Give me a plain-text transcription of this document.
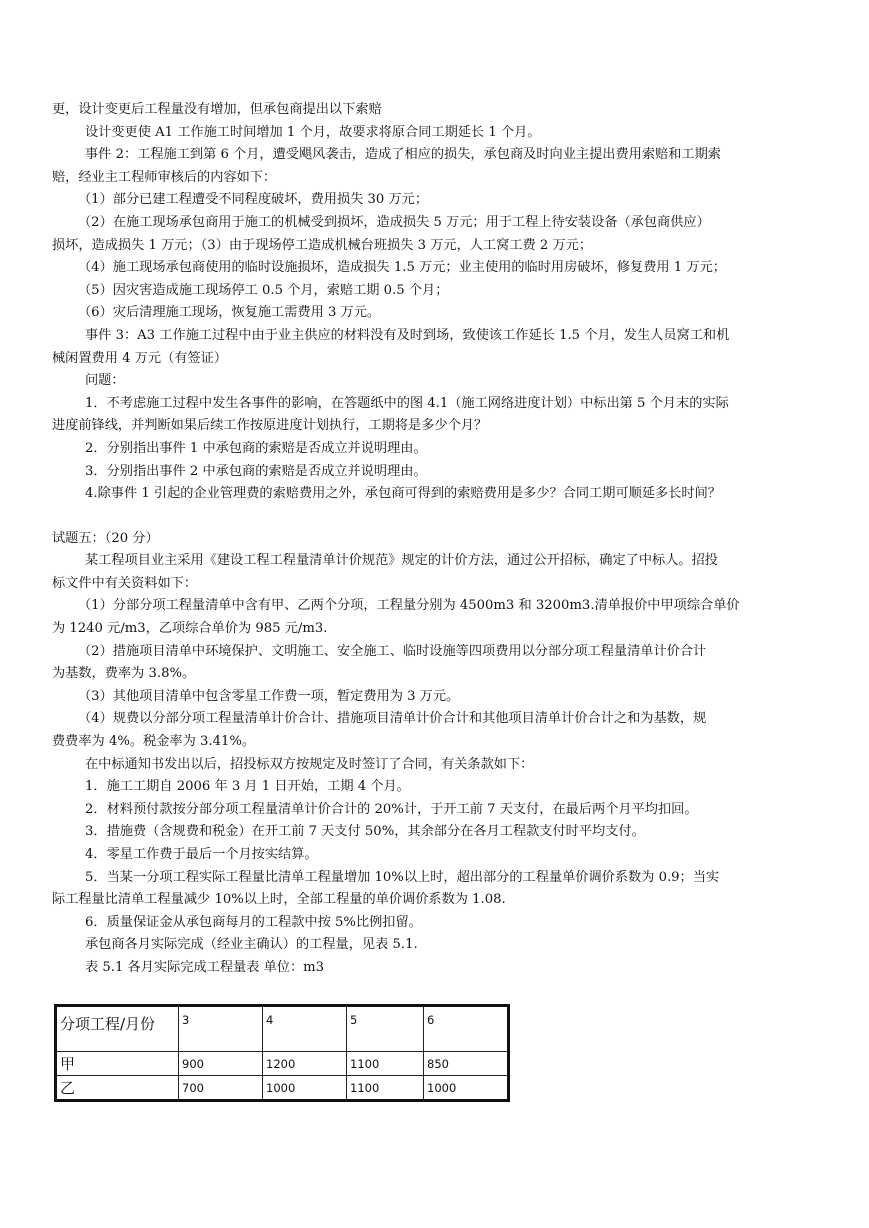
更，设计变更后工程量没有增加，但承包商提出以下索赔

设计变更使 A1 工作施工时间增加 1 个月，故要求将原合同工期延长 1 个月。

事件 2：工程施工到第 6 个月，遭受飓风袭击，造成了相应的损失，承包商及时向业主提出费用索赔和工期索

赔，经业主工程师审核后的内容如下：

（1）部分已建工程遭受不同程度破坏，费用损失 30 万元；

（2）在施工现场承包商用于施工的机械受到损坏，造成损失 5 万元；用于工程上待安装设备（承包商供应）

损坏，造成损失 1 万元；（3）由于现场停工造成机械台班损失 3 万元，人工窝工费 2 万元；

（4）施工现场承包商使用的临时设施损坏，造成损失 1.5 万元；业主使用的临时用房破坏，修复费用 1 万元；

（5）因灾害造成施工现场停工 0.5 个月，索赔工期 0.5 个月；

（6）灾后清理施工现场，恢复施工需费用 3 万元。

事件 3：A3 工作施工过程中由于业主供应的材料没有及时到场，致使该工作延长 1.5 个月，发生人员窝工和机

械闲置费用 4 万元（有签证）

问题：

1．不考虑施工过程中发生各事件的影响，在答题纸中的图 4.1（施工网络进度计划）中标出第 5 个月末的实际

进度前锋线，并判断如果后续工作按原进度计划执行，工期将是多少个月？

2．分别指出事件 1 中承包商的索赔是否成立并说明理由。

3．分别指出事件 2 中承包商的索赔是否成立并说明理由。

4.除事件 1 引起的企业管理费的索赔费用之外，承包商可得到的索赔费用是多少？合同工期可顺延多长时间？

试题五：（20 分）

某工程项目业主采用《建设工程工程量清单计价规范》规定的计价方法，通过公开招标，确定了中标人。招投

标文件中有关资料如下：

（1）分部分项工程量清单中含有甲、乙两个分项，工程量分别为 4500m3 和 3200m3.清单报价中甲项综合单价

为 1240 元/m3，乙项综合单价为 985 元/m3.

（2）措施项目清单中环境保护、文明施工、安全施工、临时设施等四项费用以分部分项工程量清单计价合计

为基数，费率为 3.8%。

（3）其他项目清单中包含零星工作费一项，暂定费用为 3 万元。

（4）规费以分部分项工程量清单计价合计、措施项目清单计价合计和其他项目清单计价合计之和为基数，规

费费率为 4%。税金率为 3.41%。

在中标通知书发出以后，招投标双方按规定及时签订了合同，有关条款如下：

1．施工工期自 2006 年 3 月 1 日开始，工期 4 个月。

2．材料预付款按分部分项工程量清单计价合计的 20%计，于开工前 7 天支付，在最后两个月平均扣回。

3．措施费（含规费和税金）在开工前 7 天支付 50%，其余部分在各月工程款支付时平均支付。

4．零星工作费于最后一个月按实结算。

5．当某一分项工程实际工程量比清单工程量增加 10%以上时，超出部分的工程量单价调价系数为 0.9；当实

际工程量比清单工程量减少 10%以上时，全部工程量的单价调价系数为 1.08.

6．质量保证金从承包商每月的工程款中按 5%比例扣留。

承包商各月实际完成（经业主确认）的工程量，见表 5.1.

表 5.1 各月实际完成工程量表 单位：m3

分项工程/月份	3	4	5	6
甲	900	1200	1100	850
乙	700	1000	1100	1000
